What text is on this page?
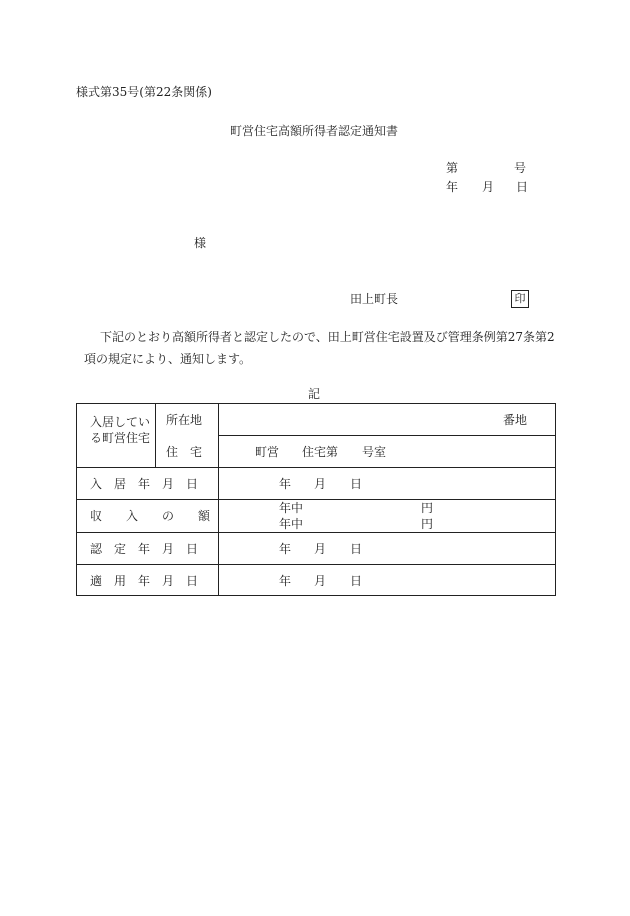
様式第35号(第22条関係)
町営住宅高額所得者認定通知書
第	号
年 月 日
様
田上町長	印
下記のとおり高額所得者と認定したので、田上町営住宅設置及び管理条例第27条第2項の規定により、通知します。
記
入居している町営住宅
所在地	番地
住　宅	町営 住宅第 号室
入　居　年　月　日	年 月 日
収　　入　　の　　額
年中	円
年中	円
認　定　年　月　日	年 月 日
適　用　年　月　日	年 月 日
